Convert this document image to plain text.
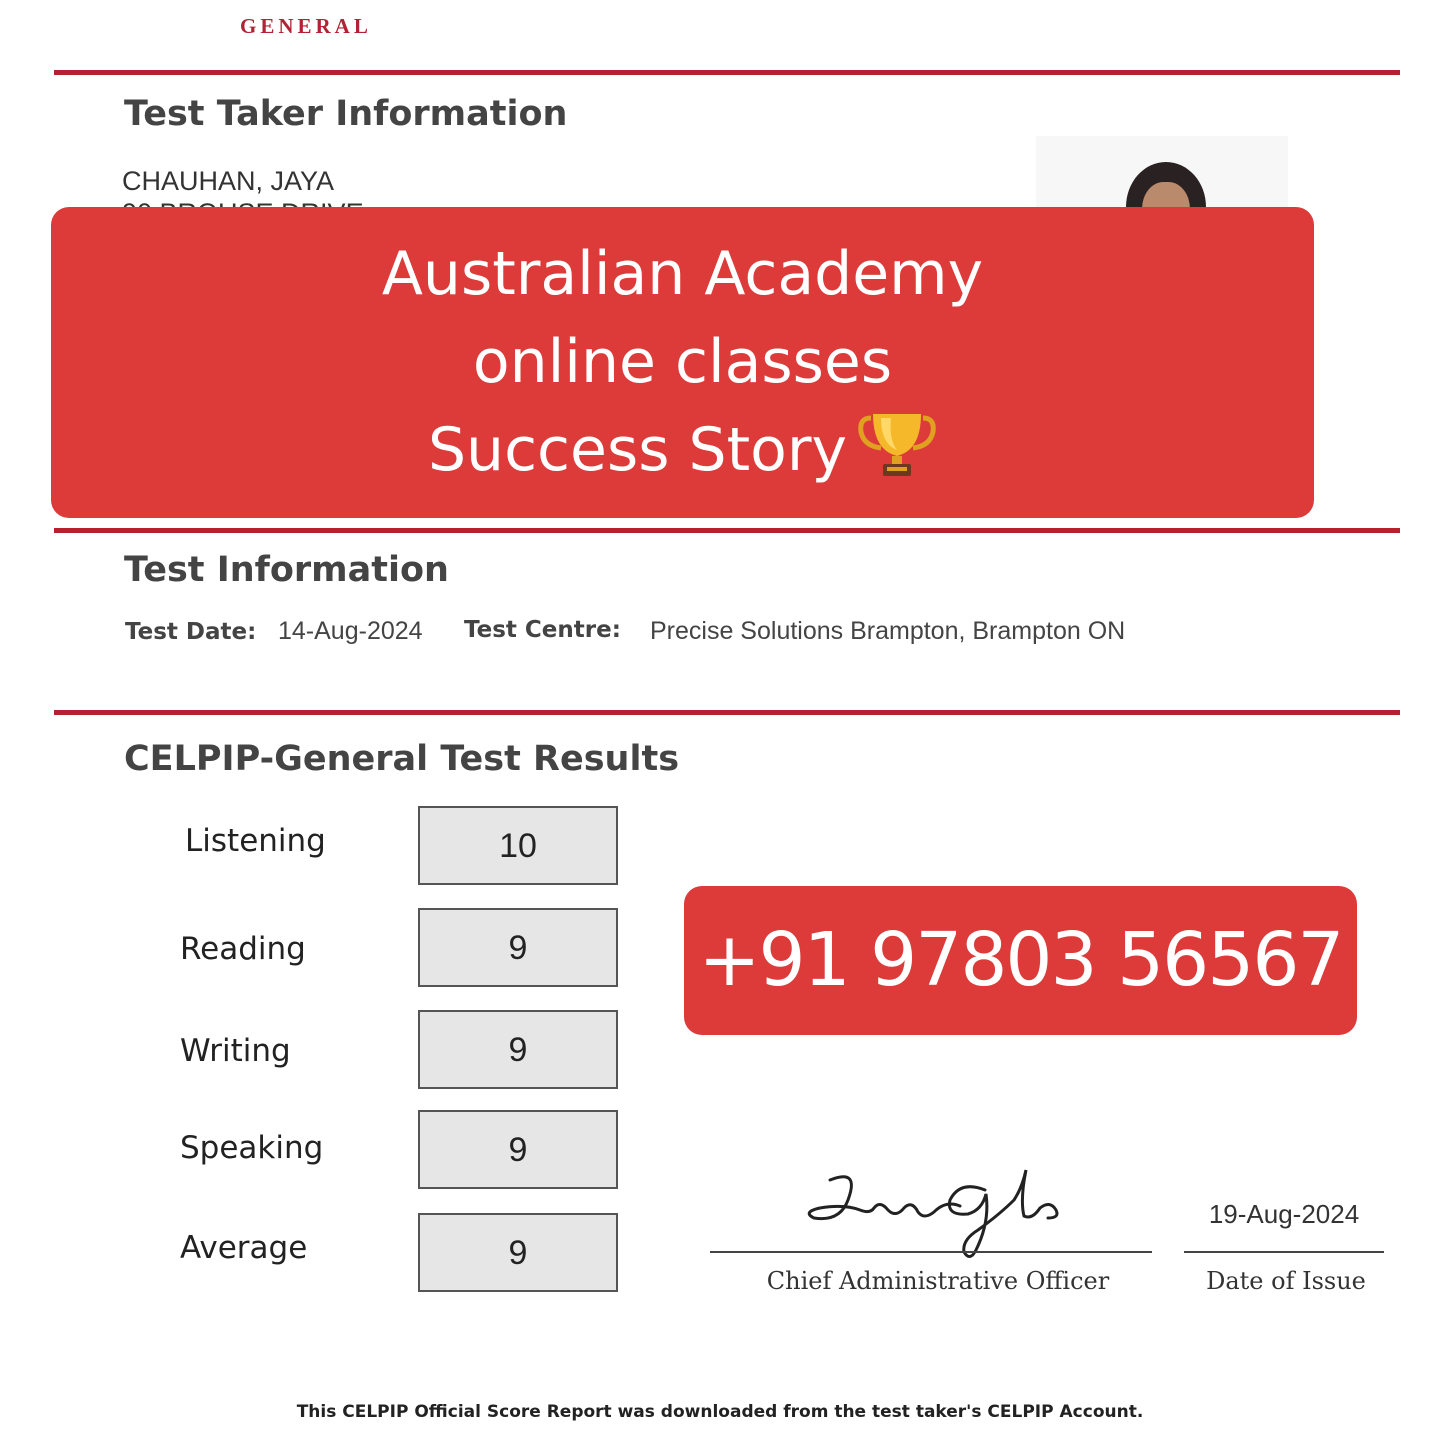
GENERAL
Test Taker Information
CHAUHAN, JAYA
Australian Academy
online classes
Success Story
Test Information
Test Date: 14-Aug-2024 Test Centre: Precise Solutions Brampton, Brampton ON
CELPIP-General Test Results
Listening	10
Reading	9
Writing	9
Speaking	9
Average	9
+91 97803 56567
Chief Administrative Officer
19-Aug-2024
Date of Issue
This CELPIP Official Score Report was downloaded from the test taker's CELPIP Account.
